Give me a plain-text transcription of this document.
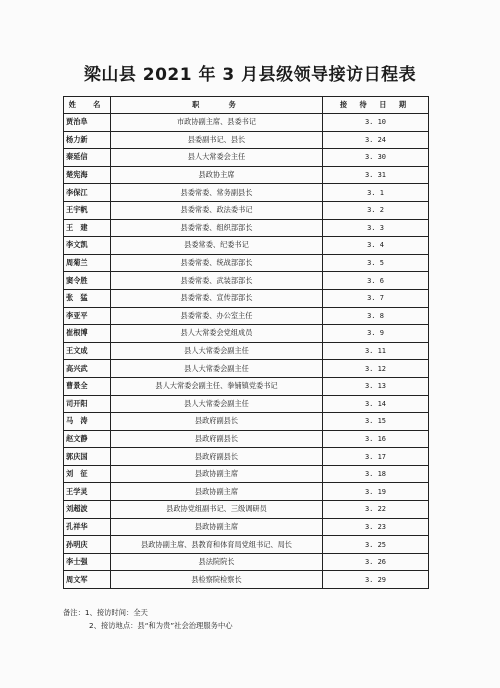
梁山县 2021 年 3 月县级领导接访日程表
姓　名	职　　务	接 待 日 期
贾治阜	市政协副主席、县委书记	3. 10
杨力新	县委副书记、县长	3. 24
秦延信	县人大常委会主任	3. 30
楚宪海	县政协主席	3. 31
李保江	县委常委、常务副县长	3. 1
王宇帆	县委常委、政法委书记	3. 2
王　建	县委常委、组织部部长	3. 3
李文凯	县委常委、纪委书记	3. 4
周菊兰	县委常委、统战部部长	3. 5
窦令胜	县委常委、武装部部长	3. 6
张　猛	县委常委、宣传部部长	3. 7
李亚平	县委常委、办公室主任	3. 8
崔根博	县人大常委会党组成员	3. 9
王文成	县人大常委会副主任	3. 11
高兴武	县人大常委会副主任	3. 12
曹景全	县人大常委会副主任、拳铺镇党委书记	3. 13
司开阳	县人大常委会副主任	3. 14
马　涛	县政府副县长	3. 15
赵文静	县政府副县长	3. 16
郭庆国	县政府副县长	3. 17
刘　征	县政协副主席	3. 18
王学灵	县政协副主席	3. 19
刘超波	县政协党组副书记、三级调研员	3. 22
孔祥华	县政协副主席	3. 23
孙明庆	县政协副主席、县教育和体育局党组书记、局长	3. 25
李士强	县法院院长	3. 26
周文军	县检察院检察长	3. 29
备注：1、接访时间：全天
2、接访地点：县“和为贵”社会治理服务中心
